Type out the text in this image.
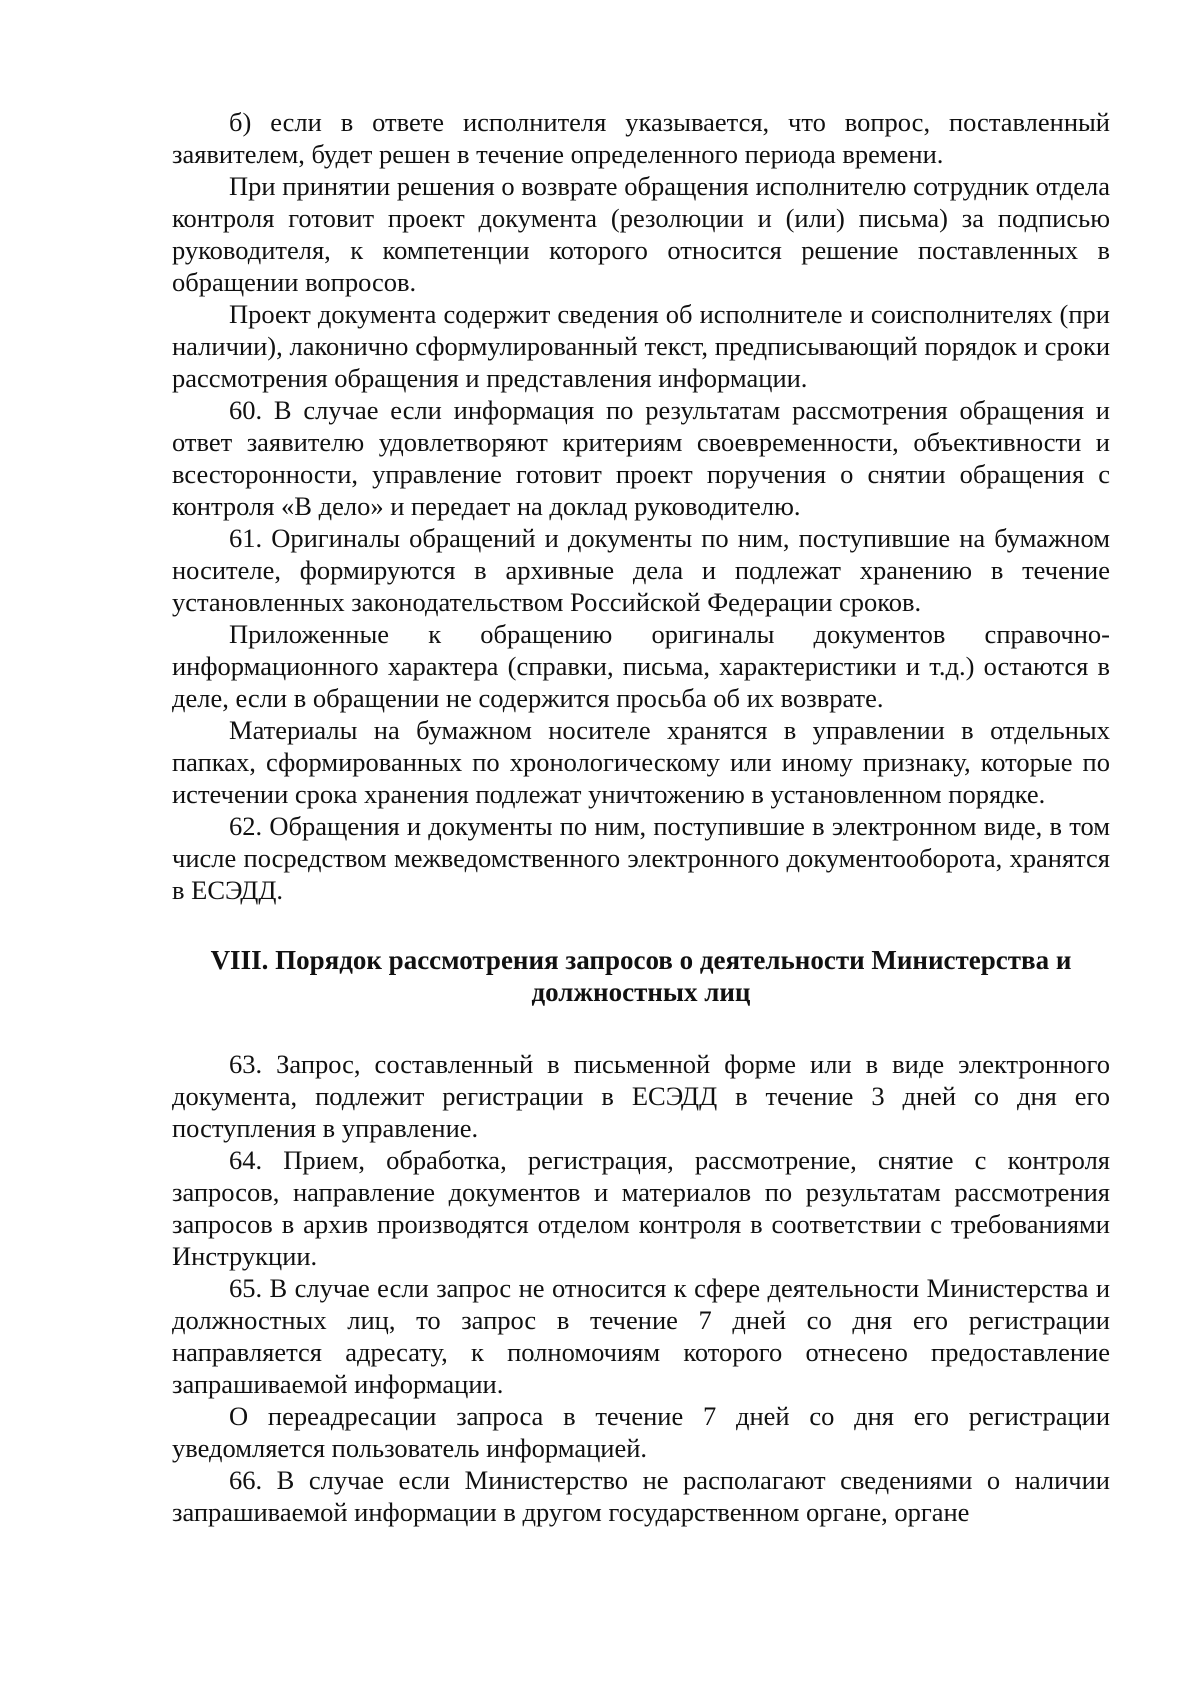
б) если в ответе исполнителя указывается, что вопрос, поставленный заявителем, будет решен в течение определенного периода времени.

При принятии решения о возврате обращения исполнителю сотрудник отдела контроля готовит проект документа (резолюции и (или) письма) за подписью руководителя, к компетенции которого относится решение поставленных в обращении вопросов.

Проект документа содержит сведения об исполнителе и соисполнителях (при наличии), лаконично сформулированный текст, предписывающий порядок и сроки рассмотрения обращения и представления информации.

60. В случае если информация по результатам рассмотрения обращения и ответ заявителю удовлетворяют критериям своевременности, объективности и всесторонности, управление готовит проект поручения о снятии обращения с контроля «В дело» и передает на доклад руководителю.

61. Оригиналы обращений и документы по ним, поступившие на бумажном носителе, формируются в архивные дела и подлежат хранению в течение установленных законодательством Российской Федерации сроков.

Приложенные к обращению оригиналы документов справочно-информационного характера (справки, письма, характеристики и т.д.) остаются в деле, если в обращении не содержится просьба об их возврате.

Материалы на бумажном носителе хранятся в управлении в отдельных папках, сформированных по хронологическому или иному признаку, которые по истечении срока хранения подлежат уничтожению в установленном порядке.

62. Обращения и документы по ним, поступившие в электронном виде, в том числе посредством межведомственного электронного документооборота, хранятся в ЕСЭДД.

VIII. Порядок рассмотрения запросов о деятельности Министерства и
должностных лиц

63. Запрос, составленный в письменной форме или в виде электронного документа, подлежит регистрации в ЕСЭДД в течение 3 дней со дня его поступления в управление.

64. Прием, обработка, регистрация, рассмотрение, снятие с контроля запросов, направление документов и материалов по результатам рассмотрения запросов в архив производятся отделом контроля в соответствии с требованиями Инструкции.

65. В случае если запрос не относится к сфере деятельности Министерства и должностных лиц, то запрос в течение 7 дней со дня его регистрации направляется адресату, к полномочиям которого отнесено предоставление запрашиваемой информации.

О переадресации запроса в течение 7 дней со дня его регистрации уведомляется пользователь информацией.

66. В случае если Министерство не располагают сведениями о наличии запрашиваемой информации в другом государственном органе, органе
